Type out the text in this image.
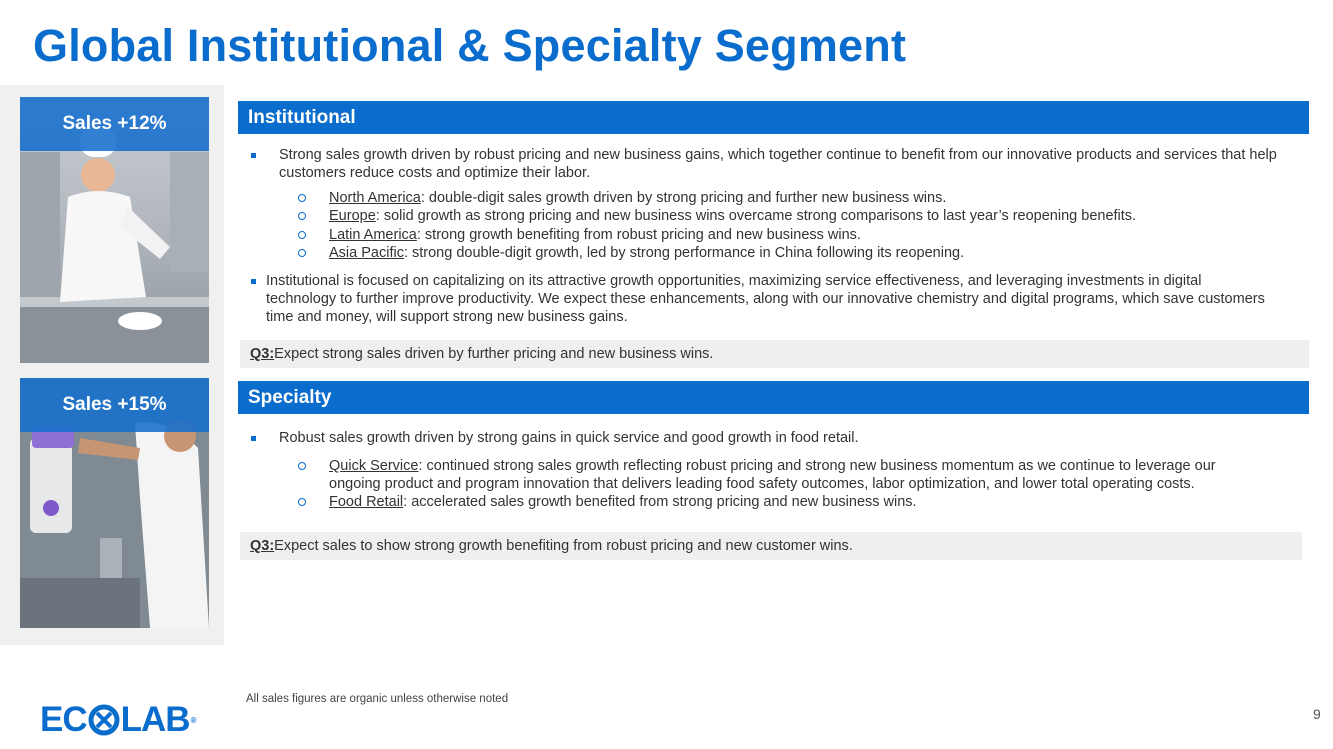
Global Institutional & Specialty Segment
Sales +12%
Sales +15%
Institutional
Strong sales growth driven by robust pricing and new business gains, which together continue to benefit from our innovative products and services that help customers reduce costs and optimize their labor.
North America: double-digit sales growth driven by strong pricing and further new business wins.
Europe: solid growth as strong pricing and new business wins overcame strong comparisons to last year’s reopening benefits.
Latin America: strong growth benefiting from robust pricing and new business wins.
Asia Pacific: strong double-digit growth, led by strong performance in China following its reopening.
Institutional is focused on capitalizing on its attractive growth opportunities, maximizing service effectiveness, and leveraging investments in digital technology to further improve productivity. We expect these enhancements, along with our innovative chemistry and digital programs, which save customers time and money, will support strong new business gains.
Q3: Expect strong sales driven by further pricing and new business wins.
Specialty
Robust sales growth driven by strong gains in quick service and good growth in food retail.
Quick Service: continued strong sales growth reflecting robust pricing and strong new business momentum as we continue to leverage our
ongoing product and program innovation that delivers leading food safety outcomes, labor optimization, and lower total operating costs.
Food Retail: accelerated sales growth benefited from strong pricing and new business wins.
Q3: Expect sales to show strong growth benefiting from robust pricing and new customer wins.
EC LAB ®
All sales figures are organic unless otherwise noted
9
